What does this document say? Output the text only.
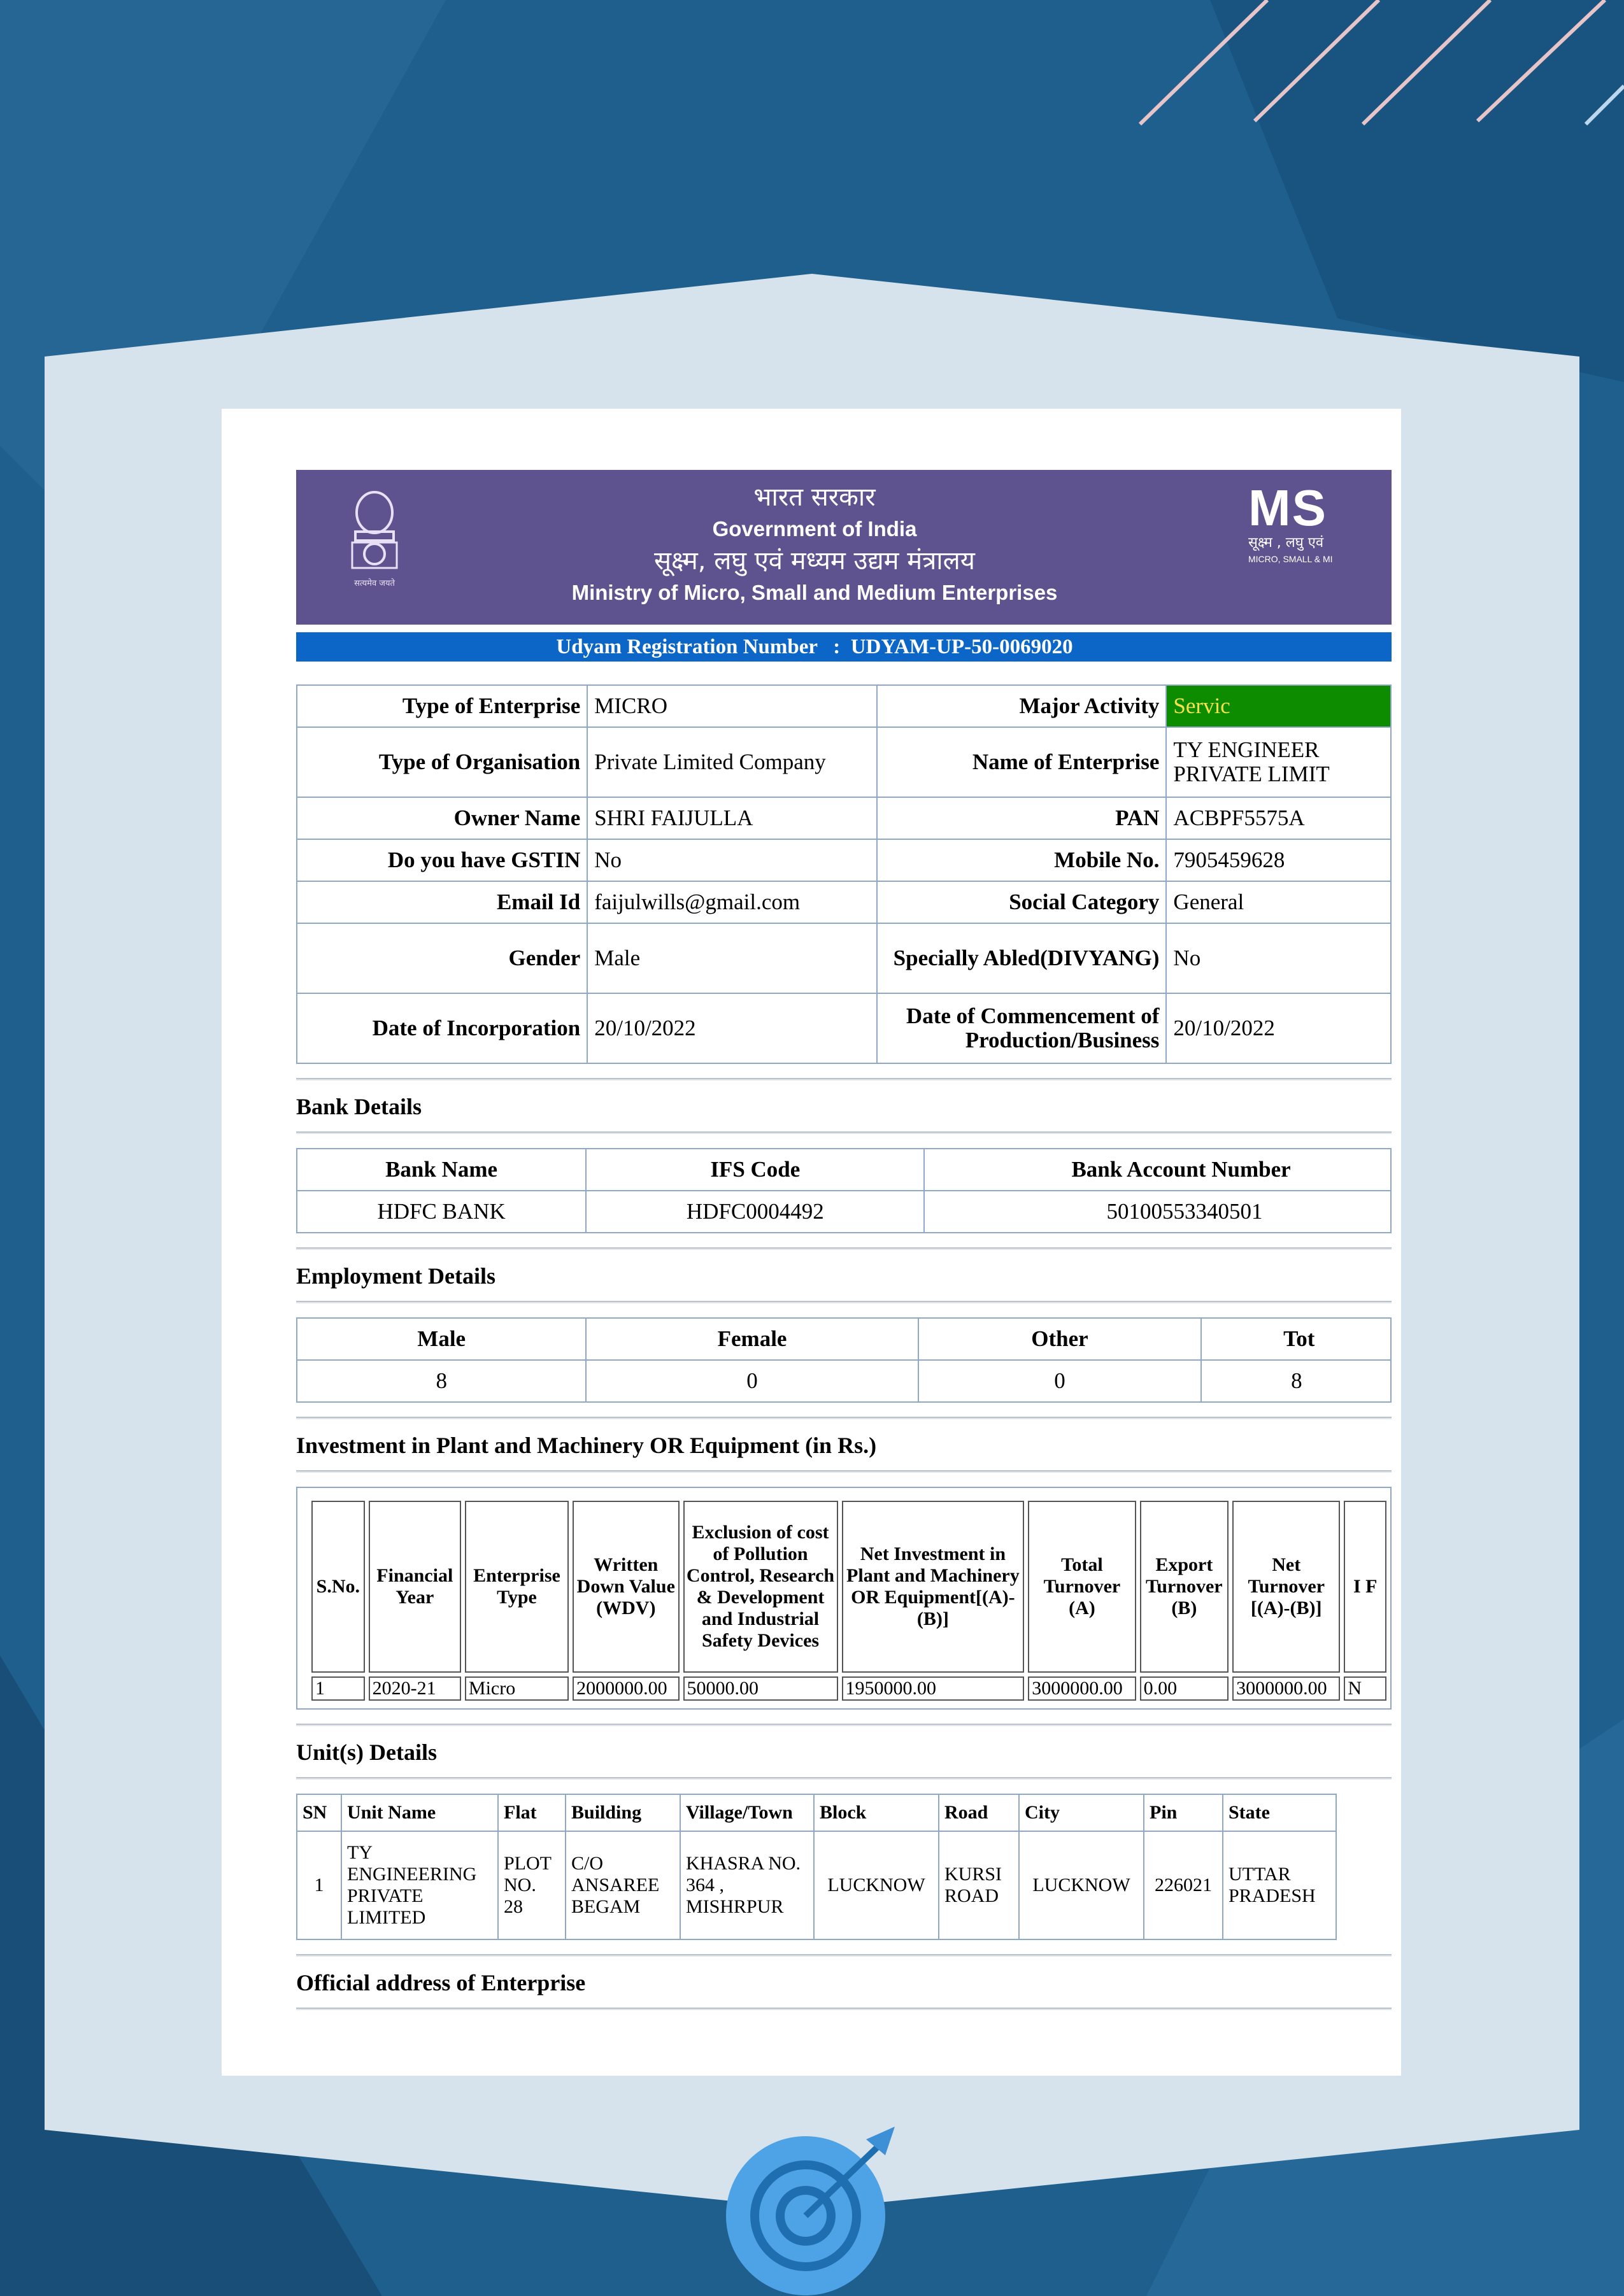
सत्यमेव जयते
भारत सरकार
Government of India
सूक्ष्म, लघु एवं मध्यम उद्यम मंत्रालय
Ministry of Micro, Small and Medium Enterprises
MS
सूक्ष्म , लघु एवं
MICRO, SMALL & MI
Udyam Registration Number : UDYAM-UP-50-0069020
Type of Enterprise	MICRO	Major Activity	Servic
Type of Organisation	Private Limited Company	Name of Enterprise	TY ENGINEER PRIVATE LIMIT
Owner Name	SHRI FAIJULLA	PAN	ACBPF5575A
Do you have GSTIN	No	Mobile No.	7905459628
Email Id	faijulwills@gmail.com	Social Category	General
Gender	Male	Specially Abled(DIVYANG)	No
Date of Incorporation	20/10/2022	Date of Commencement of Production/Business	20/10/2022
Bank Details
Bank Name	IFS Code	Bank Account Number
HDFC BANK	HDFC0004492	50100553340501
Employment Details
Male	Female	Other	Tot
8	0	0	8
Investment in Plant and Machinery OR Equipment (in Rs.)
S.No.	Financial Year	Enterprise Type	Written Down Value (WDV)	Exclusion of cost of Pollution Control, Research & Development and Industrial Safety Devices	Net Investment in Plant and Machinery OR Equipment[(A)-(B)]	Total Turnover (A)	Export Turnover (B)	Net Turnover [(A)-(B)]	I F
1	2020-21	Micro	2000000.00	50000.00	1950000.00	3000000.00	0.00	3000000.00	N
Unit(s) Details
SN	Unit Name	Flat	Building	Village/Town	Block	Road	City	Pin	State
1	TY ENGINEERING PRIVATE LIMITED	PLOT NO. 28	C/O ANSAREE BEGAM	KHASRA NO. 364 , MISHRPUR	LUCKNOW	KURSI ROAD	LUCKNOW	226021	UTTAR PRADESH
Official address of Enterprise
